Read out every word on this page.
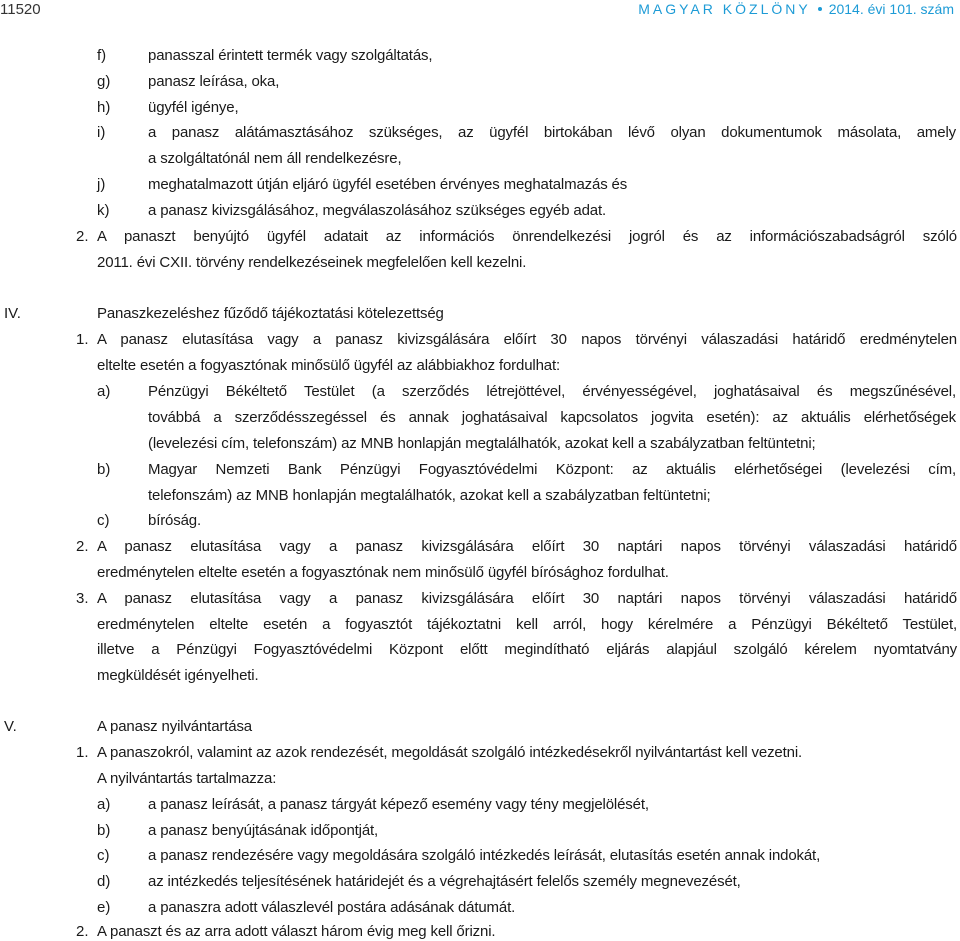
11520	MAGYAR KÖZLÖNY 2014. évi 101. szám
f)	panasszal érintett termék vagy szolgáltatás,
g)	panasz leírása, oka,
h)	ügyfél igénye,
i)	a panasz alátámasztásához szükséges, az ügyfél birtokában lévő olyan dokumentumok másolata, amely
a szolgáltatónál nem áll rendelkezésre,
j)	meghatalmazott útján eljáró ügyfél esetében érvényes meghatalmazás és
k)	a panasz kivizsgálásához, megválaszolásához szükséges egyéb adat.
2. A panaszt benyújtó ügyfél adatait az információs önrendelkezési jogról és az információszabadságról szóló
2011. évi CXII. törvény rendelkezéseinek megfelelően kell kezelni.
IV.	Panaszkezeléshez fűződő tájékoztatási kötelezettség
1. A panasz elutasítása vagy a panasz kivizsgálására előírt 30 napos törvényi válaszadási határidő eredménytelen
eltelte esetén a fogyasztónak minősülő ügyfél az alábbiakhoz fordulhat:
a)	Pénzügyi Békéltető Testület (a szerződés létrejöttével, érvényességével, joghatásaival és megszűnésével,
továbbá a szerződésszegéssel és annak joghatásaival kapcsolatos jogvita esetén): az aktuális elérhetőségek
(levelezési cím, telefonszám) az MNB honlapján megtalálhatók, azokat kell a szabályzatban feltüntetni;
b)	Magyar Nemzeti Bank Pénzügyi Fogyasztóvédelmi Központ: az aktuális elérhetőségei (levelezési cím,
telefonszám) az MNB honlapján megtalálhatók, azokat kell a szabályzatban feltüntetni;
c)	bíróság.
2. A panasz elutasítása vagy a panasz kivizsgálására előírt 30 naptári napos törvényi válaszadási határidő
eredménytelen eltelte esetén a fogyasztónak nem minősülő ügyfél bírósághoz fordulhat.
3. A panasz elutasítása vagy a panasz kivizsgálására előírt 30 naptári napos törvényi válaszadási határidő
eredménytelen eltelte esetén a fogyasztót tájékoztatni kell arról, hogy kérelmére a Pénzügyi Békéltető Testület,
illetve a Pénzügyi Fogyasztóvédelmi Központ előtt megindítható eljárás alapjául szolgáló kérelem nyomtatvány
megküldését igényelheti.
V.	A panasz nyilvántartása
1. A panaszokról, valamint az azok rendezését, megoldását szolgáló intézkedésekről nyilvántartást kell vezetni.
A nyilvántartás tartalmazza:
a)	a panasz leírását, a panasz tárgyát képező esemény vagy tény megjelölését,
b)	a panasz benyújtásának időpontját,
c)	a panasz rendezésére vagy megoldására szolgáló intézkedés leírását, elutasítás esetén annak indokát,
d)	az intézkedés teljesítésének határidejét és a végrehajtásért felelős személy megnevezését,
e)	a panaszra adott válaszlevél postára adásának dátumát.
2. A panaszt és az arra adott választ három évig meg kell őrizni.
